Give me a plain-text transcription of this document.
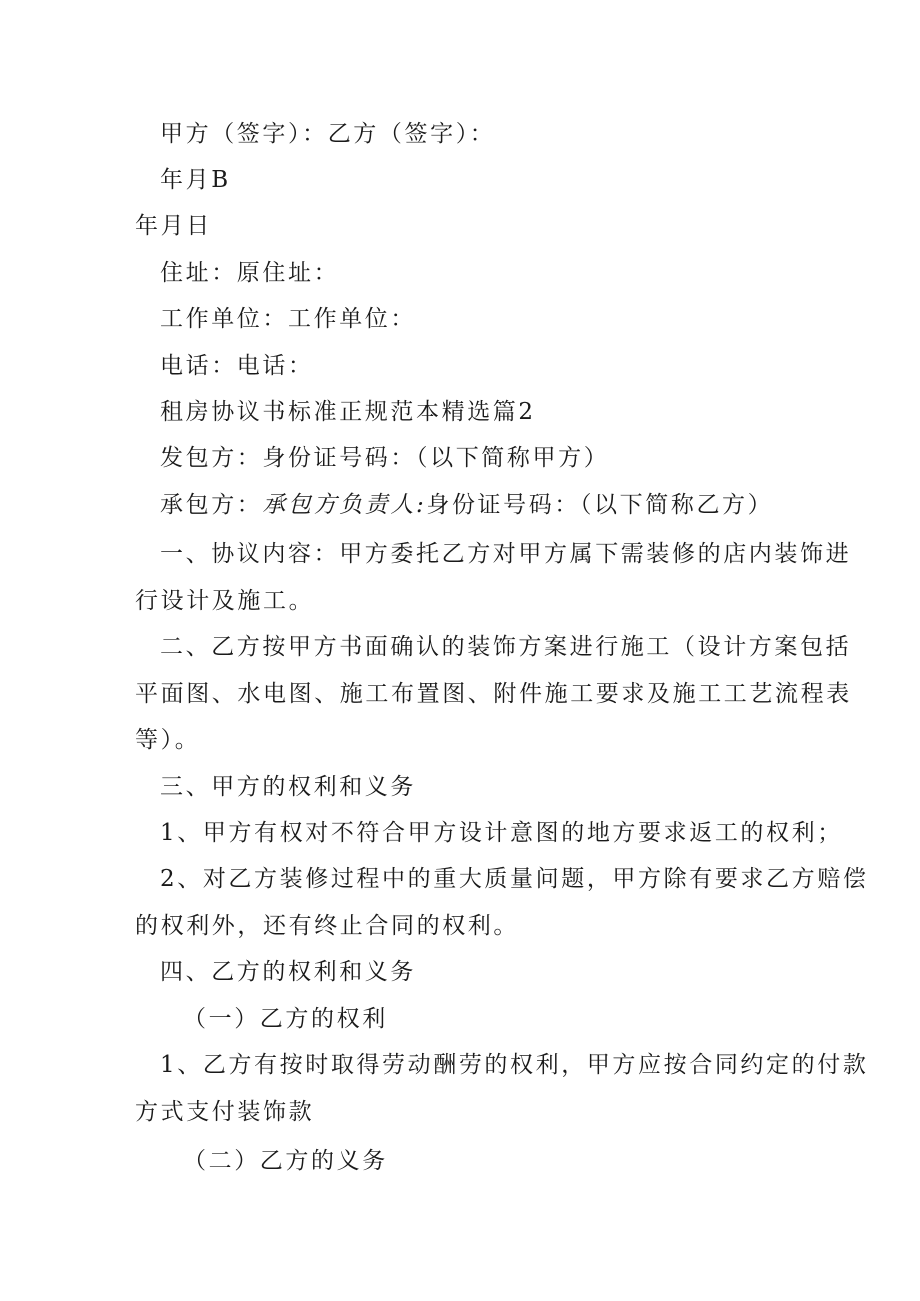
甲方（签字）：乙方（签字）：
年月B
年月日
住址：原住址：
工作单位：工作单位：
电话：电话：
租房协议书标准正规范本精选篇2
发包方：身份证号码：（以下简称甲方）
承包方：承包方负责人:身份证号码：（以下简称乙方）
一、协议内容：甲方委托乙方对甲方属下需装修的店内装饰进
行设计及施工。
二、乙方按甲方书面确认的装饰方案进行施工（设计方案包括
平面图、水电图、施工布置图、附件施工要求及施工工艺流程表
等）。
三、甲方的权利和义务
1、甲方有权对不符合甲方设计意图的地方要求返工的权利；
2、对乙方装修过程中的重大质量问题，甲方除有要求乙方赔偿
的权利外，还有终止合同的权利。
四、乙方的权利和义务
（一）乙方的权利
1、乙方有按时取得劳动酬劳的权利，甲方应按合同约定的付款
方式支付装饰款
（二）乙方的义务
